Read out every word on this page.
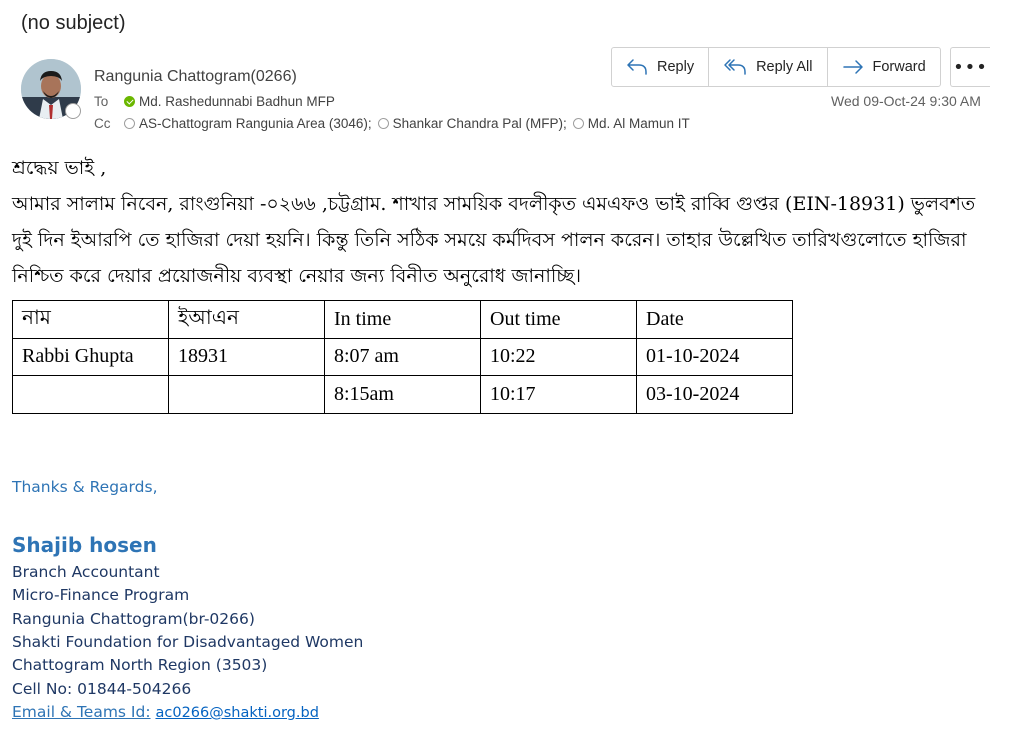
(no subject)
Rangunia Chattogram(0266)
To Md. Rashedunnabi Badhun MFP
Cc AS-Chattogram Rangunia Area (3046); Shankar Chandra Pal (MFP); Md. Al Mamun IT
Reply	Reply All	Forward •••
Wed 09-Oct-24 9:30 AM
শ্রদ্ধেয় ভাই ,
আমার সালাম নিবেন, রাংগুনিয়া -০২৬৬ ,চট্টগ্রাম. শাখার সাময়িক বদলীকৃত এমএফও ভাই রাব্বি গুপ্তর (EIN-18931) ভুলবশত দুই দিন ইআরপি তে হাজিরা দেয়া হয়নি। কিন্তু তিনি সঠিক সময়ে কর্মদিবস পালন করেন। তাহার উল্লেখিত তারিখগুলোতে হাজিরা নিশ্চিত করে দেয়ার প্রয়োজনীয় ব্যবস্থা নেয়ার জন্য বিনীত অনুরোধ জানাচ্ছি।
নাম	ইআএন	In time	Out time	Date
Rabbi Ghupta	18931	8:07 am	10:22	01-10-2024
		8:15am	10:17	03-10-2024
Thanks & Regards,
Shajib hosen
Branch Accountant
Micro-Finance Program
Rangunia Chattogram(br-0266)
Shakti Foundation for Disadvantaged Women
Chattogram North Region (3503)
Cell No: 01844-504266
Email & Teams Id: ac0266@shakti.org.bd
